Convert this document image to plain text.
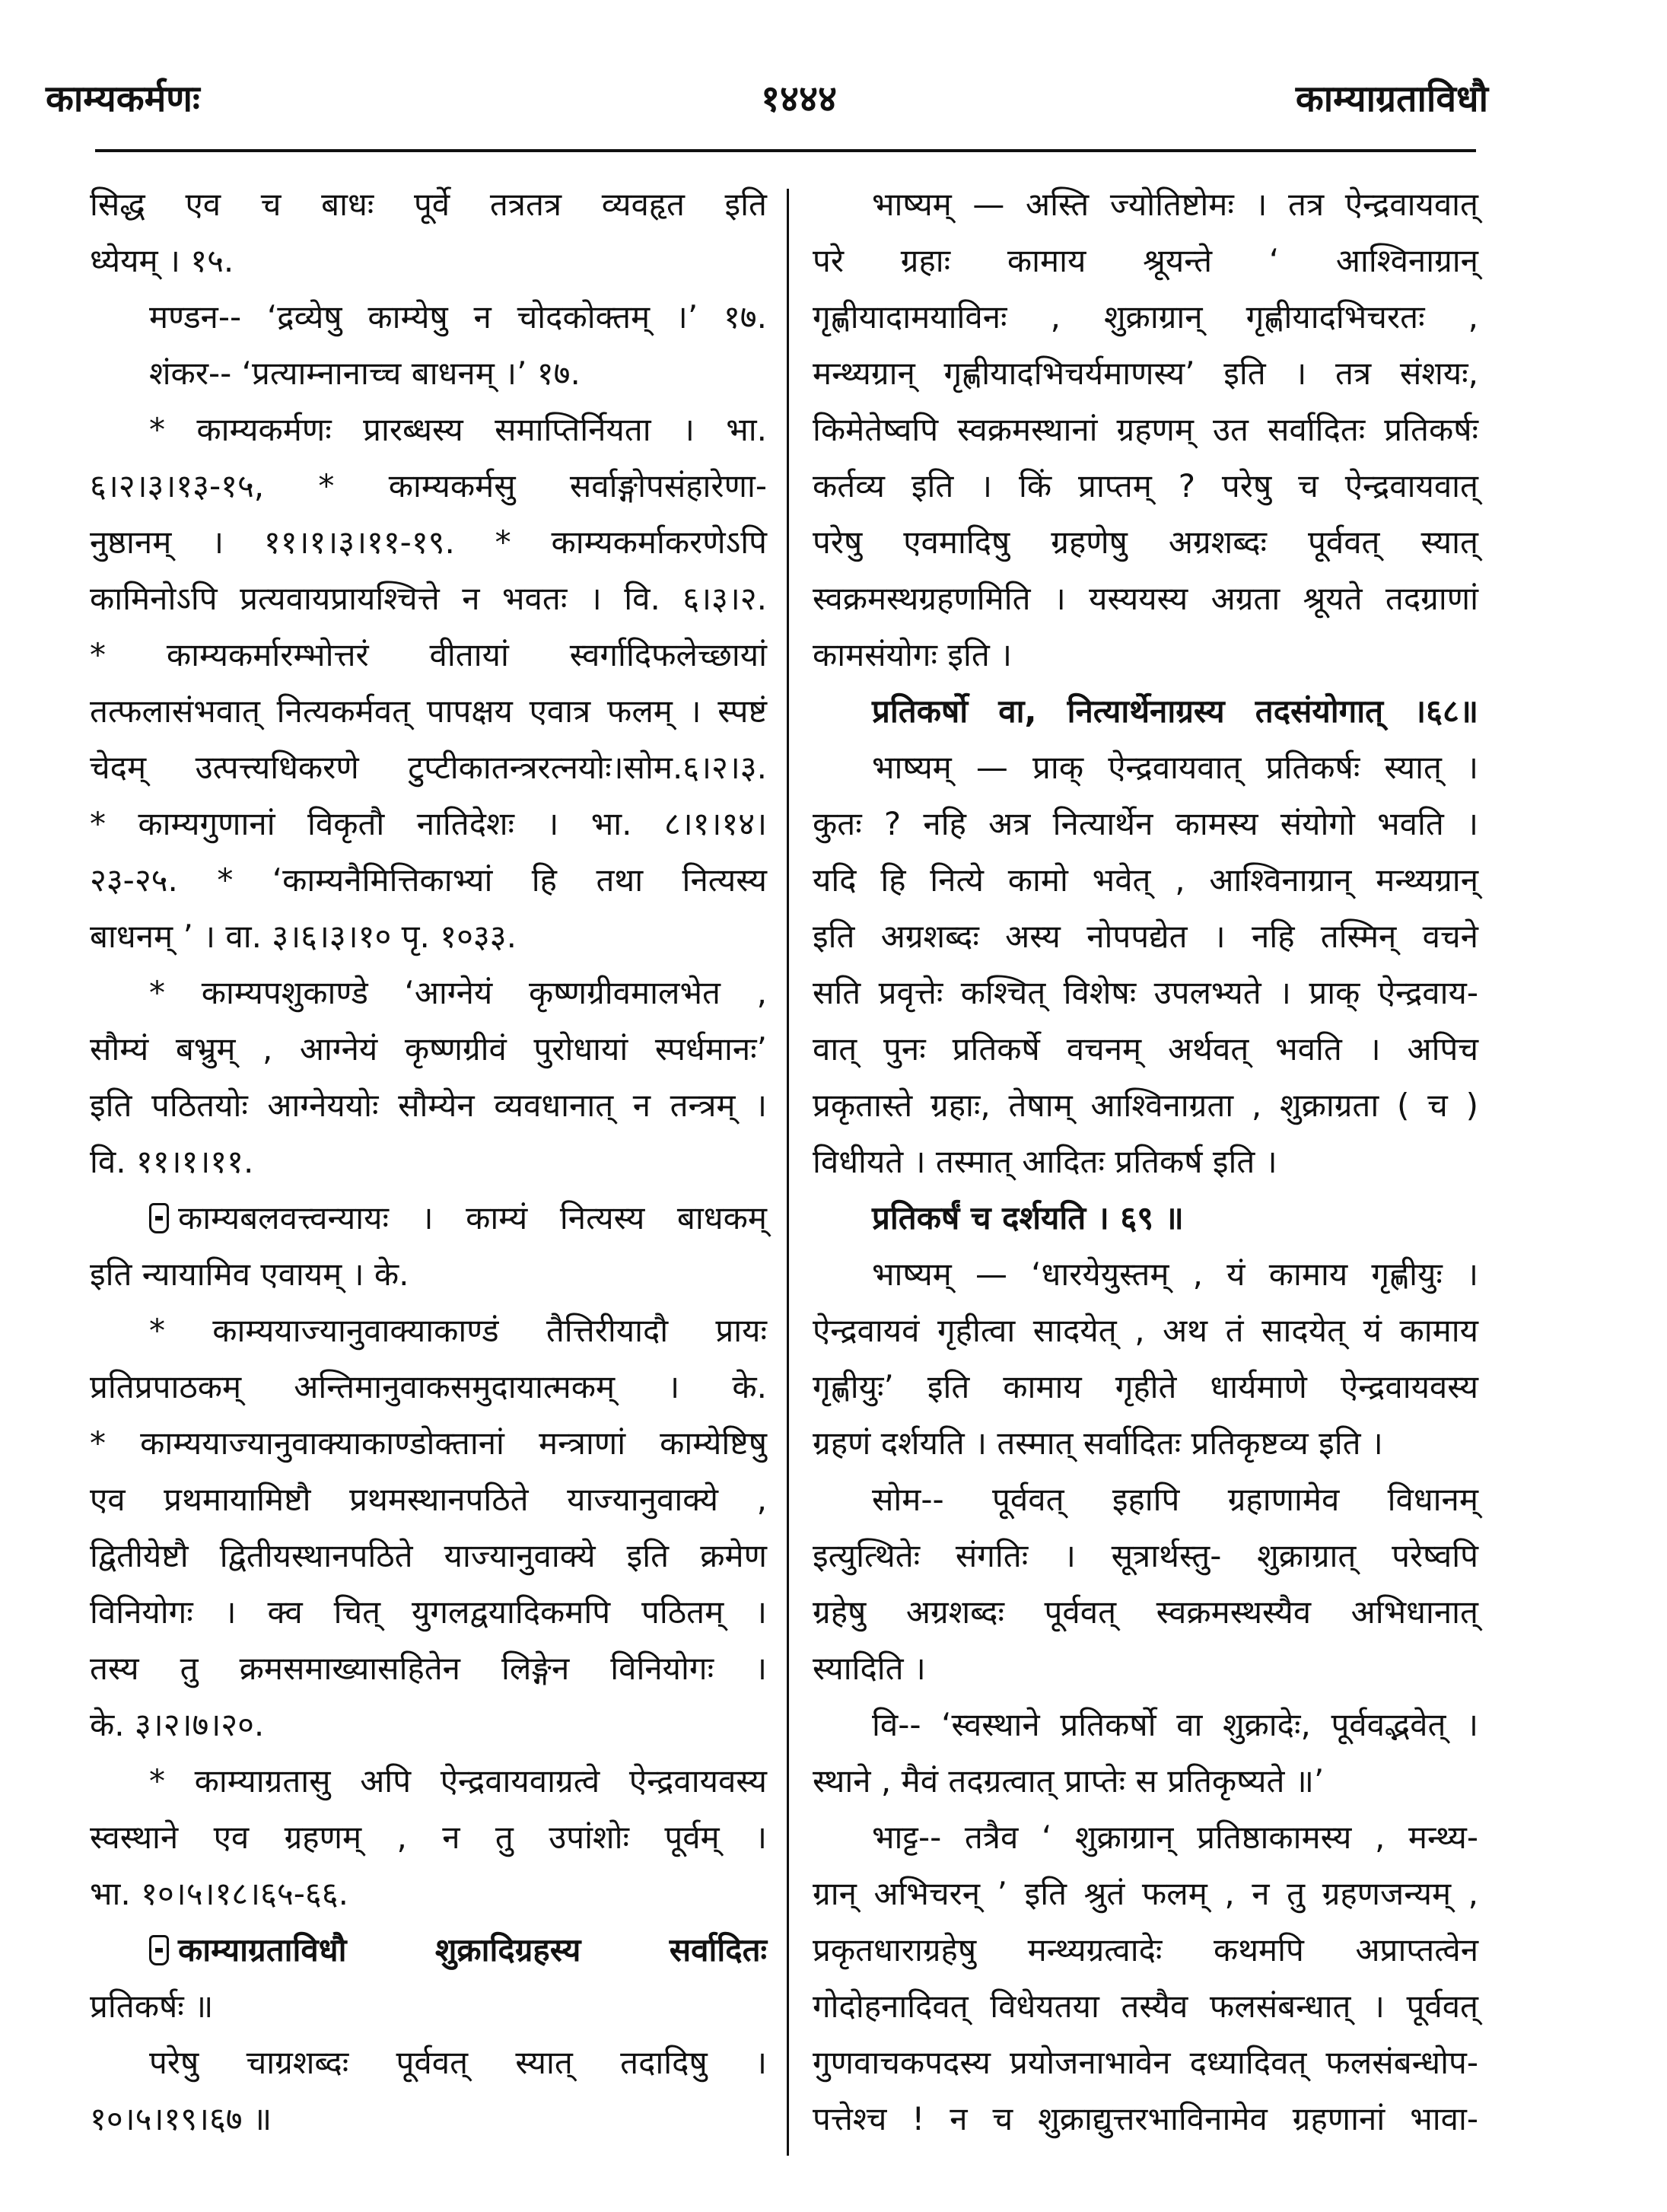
काम्यकर्मणः	१४४४	काम्याग्रताविधौ
सिद्ध एव च बाधः पूर्वे तत्रतत्र व्यवहृत इति
ध्येयम् । १५.
मण्डन-- ‘द्रव्येषु काम्येषु न चोदकोक्तम् ।’ १७.
शंकर-- ‘प्रत्याम्नानाच्च बाधनम् ।’ १७.
* काम्यकर्मणः प्रारब्धस्य समाप्तिर्नियता । भा.
६।२।३।१३-१५, * काम्यकर्मसु सर्वाङ्गोपसंहारेणा-
नुष्ठानम् । ११।१।३।११-१९. * काम्यकर्माकरणेऽपि
कामिनोऽपि प्रत्यवायप्रायश्चित्ते न भवतः । वि. ६।३।२.
* काम्यकर्मारम्भोत्तरं वीतायां स्वर्गादिफलेच्छायां
तत्फलासंभवात् नित्यकर्मवत् पापक्षय एवात्र फलम् । स्पष्टं
चेदम् उत्पत्त्यधिकरणे टुप्टीकातन्त्ररत्नयोः।सोम.६।२।३.
* काम्यगुणानां विकृतौ नातिदेशः । भा. ८।१।१४।
२३-२५. * ‘काम्यनैमित्तिकाभ्यां हि तथा नित्यस्य
बाधनम् ’ । वा. ३।६।३।१० पृ. १०३३.
* काम्यपशुकाण्डे ‘आग्नेयं कृष्णग्रीवमालभेत ,
सौम्यं बभ्रुम् , आग्नेयं कृष्णग्रीवं पुरोधायां स्पर्धमानः’
इति पठितयोः आग्नेययोः सौम्येन व्यवधानात् न तन्त्रम् ।
वि. ११।१।११.
काम्यबलवत्त्वन्यायः । काम्यं नित्यस्य बाधकम्
इति न्यायामिव एवायम् । के.
* काम्ययाज्यानुवाक्याकाण्डं तैत्तिरीयादौ प्रायः
प्रतिप्रपाठकम् अन्तिमानुवाकसमुदायात्मकम् । के.
* काम्ययाज्यानुवाक्याकाण्डोक्तानां मन्त्राणां काम्येष्टिषु
एव प्रथमायामिष्टौ प्रथमस्थानपठिते याज्यानुवाक्ये ,
द्वितीयेष्टौ द्वितीयस्थानपठिते याज्यानुवाक्ये इति क्रमेण
विनियोगः । क्व चित् युगलद्वयादिकमपि पठितम् ।
तस्य तु क्रमसमाख्यासहितेन लिङ्गेन विनियोगः ।
के. ३।२।७।२०.
* काम्याग्रतासु अपि ऐन्द्रवायवाग्रत्वे ऐन्द्रवायवस्य
स्वस्थाने एव ग्रहणम् , न तु उपांशोः पूर्वम् ।
भा. १०।५।१८।६५-६६.
काम्याग्रताविधौ शुक्रादिग्रहस्य सर्वादितः
प्रतिकर्षः ॥
परेषु चाग्रशब्दः पूर्ववत् स्यात् तदादिषु ।
१०।५।१९।६७ ॥
भाष्यम् — अस्ति ज्योतिष्टोमः । तत्र ऐन्द्रवायवात्
परे ग्रहाः कामाय श्रूयन्ते ‘ आश्विनाग्रान्
गृह्णीयादामयाविनः , शुक्राग्रान् गृह्णीयादभिचरतः ,
मन्थ्यग्रान् गृह्णीयादभिचर्यमाणस्य’ इति । तत्र संशयः,
किमेतेष्वपि स्वक्रमस्थानां ग्रहणम् उत सर्वादितः प्रतिकर्षः
कर्तव्य इति । किं प्राप्तम् ? परेषु च ऐन्द्रवायवात्
परेषु एवमादिषु ग्रहणेषु अग्रशब्दः पूर्ववत् स्यात्
स्वक्रमस्थग्रहणमिति । यस्ययस्य अग्रता श्रूयते तदग्राणां
कामसंयोगः इति ।
प्रतिकर्षो वा, नित्यार्थेनाग्रस्य तदसंयोगात् ।६८॥
भाष्यम् — प्राक् ऐन्द्रवायवात् प्रतिकर्षः स्यात् ।
कुतः ? नहि अत्र नित्यार्थेन कामस्य संयोगो भवति ।
यदि हि नित्ये कामो भवेत् , आश्विनाग्रान् मन्थ्यग्रान्
इति अग्रशब्दः अस्य नोपपद्येत । नहि तस्मिन् वचने
सति प्रवृत्तेः कश्चित् विशेषः उपलभ्यते । प्राक् ऐन्द्रवाय-
वात् पुनः प्रतिकर्षे वचनम् अर्थवत् भवति । अपिच
प्रकृतास्ते ग्रहाः, तेषाम् आश्विनाग्रता , शुक्राग्रता ( च )
विधीयते । तस्मात् आदितः प्रतिकर्ष इति ।
प्रतिकर्षं च दर्शयति । ६९ ॥
भाष्यम् — ‘धारयेयुस्तम् , यं कामाय गृह्णीयुः ।
ऐन्द्रवायवं गृहीत्वा सादयेत् , अथ तं सादयेत् यं कामाय
गृह्णीयुः’ इति कामाय गृहीते धार्यमाणे ऐन्द्रवायवस्य
ग्रहणं दर्शयति । तस्मात् सर्वादितः प्रतिकृष्टव्य इति ।
सोम-- पूर्ववत् इहापि ग्रहाणामेव विधानम्
इत्युत्थितेः संगतिः । सूत्रार्थस्तु- शुक्राग्रात् परेष्वपि
ग्रहेषु अग्रशब्दः पूर्ववत् स्वक्रमस्थस्यैव अभिधानात्
स्यादिति ।
वि-- ‘स्वस्थाने प्रतिकर्षो वा शुक्रादेः, पूर्ववद्भवेत् ।
स्थाने , मैवं तदग्रत्वात् प्राप्तेः स प्रतिकृष्यते ॥’
भाट्ट-- तत्रैव ‘ शुक्राग्रान् प्रतिष्ठाकामस्य , मन्थ्य-
ग्रान् अभिचरन् ’ इति श्रुतं फलम् , न तु ग्रहणजन्यम् ,
प्रकृतधाराग्रहेषु मन्थ्यग्रत्वादेः कथमपि अप्राप्तत्वेन
गोदोहनादिवत् विधेयतया तस्यैव फलसंबन्धात् । पूर्ववत्
गुणवाचकपदस्य प्रयोजनाभावेन दध्यादिवत् फलसंबन्धोप-
पत्तेश्च ! न च शुक्राद्युत्तरभाविनामेव ग्रहणानां भावा-
